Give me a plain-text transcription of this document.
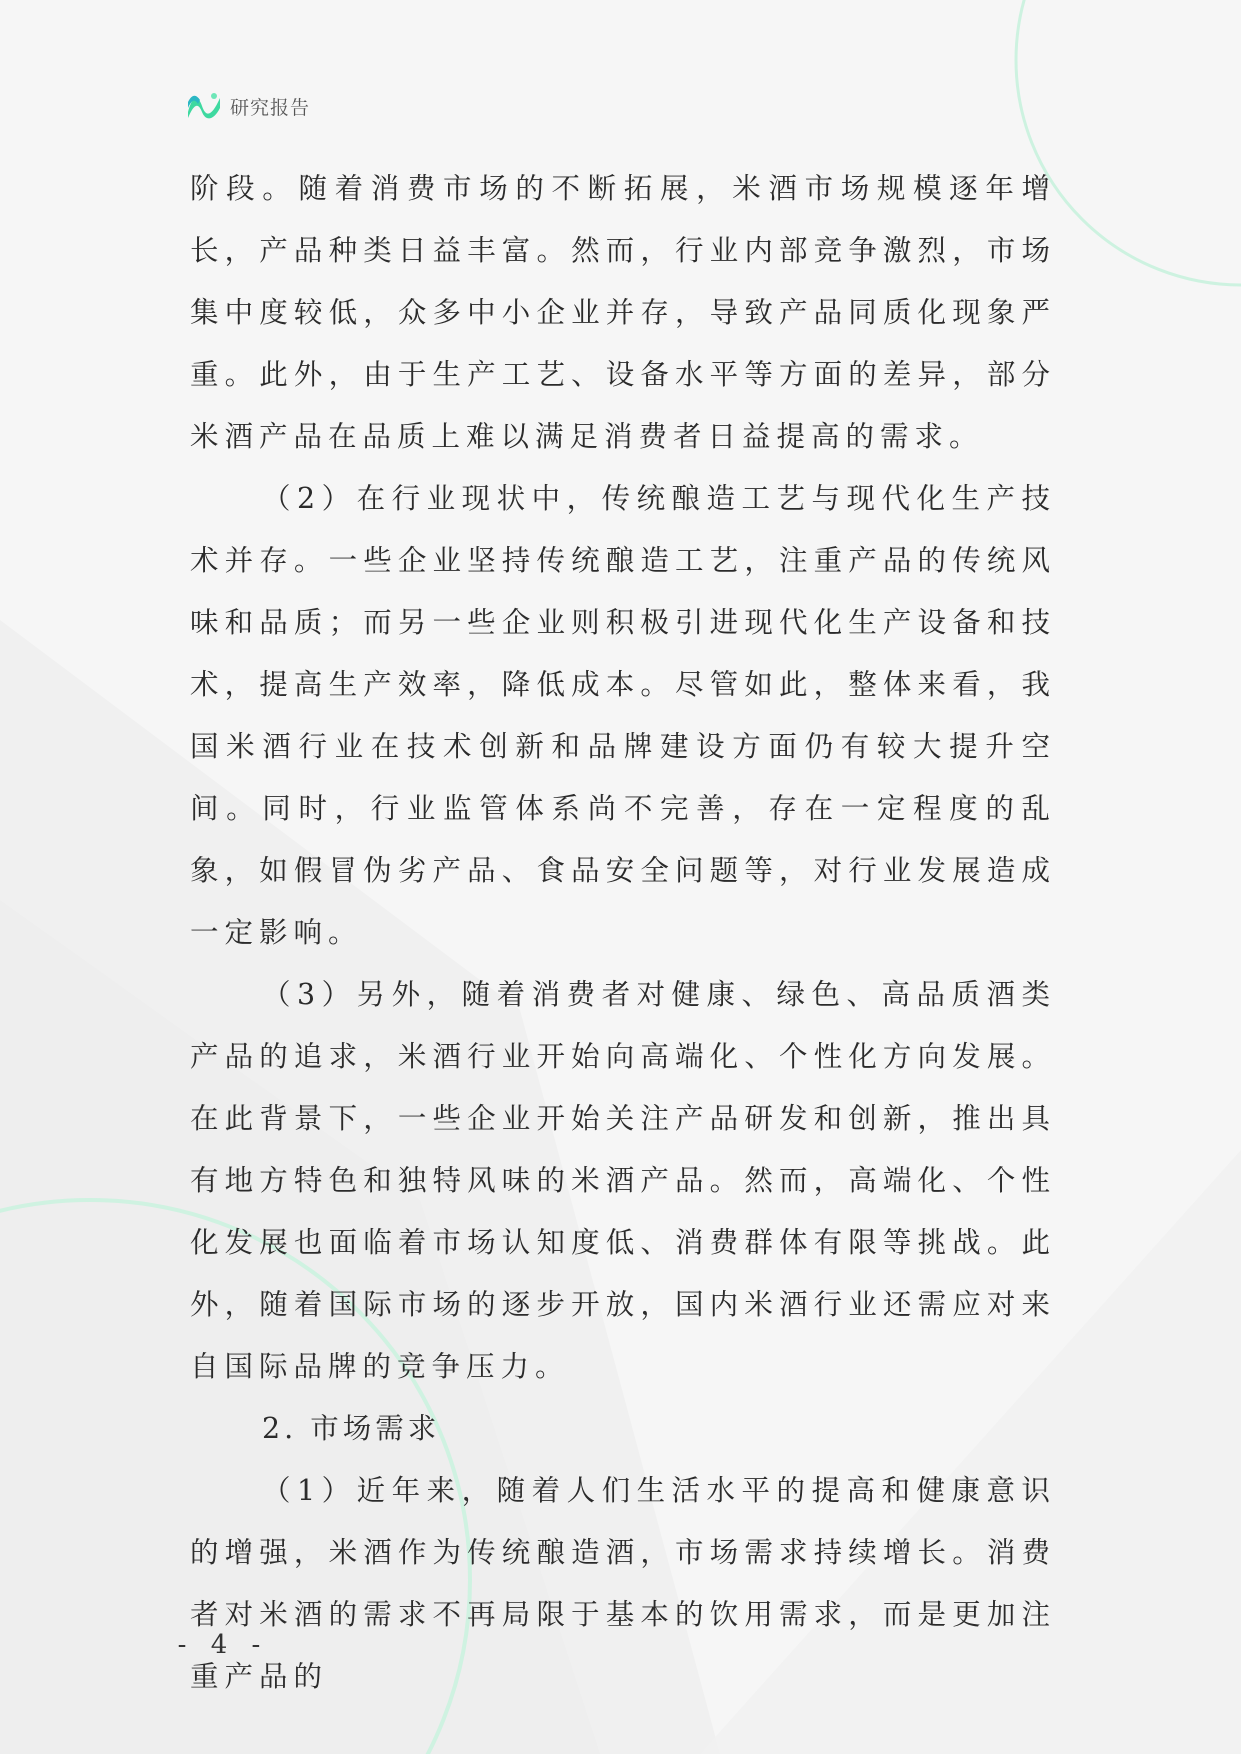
研究报告

阶段。随着消费市场的不断拓展，米酒市场规模逐年增长，产品种类日益丰富。然而，行业内部竞争激烈，市场集中度较低，众多中小企业并存，导致产品同质化现象严重。此外，由于生产工艺、设备水平等方面的差异，部分米酒产品在品质上难以满足消费者日益提高的需求。

（2）在行业现状中，传统酿造工艺与现代化生产技术并存。一些企业坚持传统酿造工艺，注重产品的传统风味和品质；而另一些企业则积极引进现代化生产设备和技术，提高生产效率，降低成本。尽管如此，整体来看，我国米酒行业在技术创新和品牌建设方面仍有较大提升空间。同时，行业监管体系尚不完善，存在一定程度的乱象，如假冒伪劣产品、食品安全问题等，对行业发展造成一定影响。

（3）另外，随着消费者对健康、绿色、高品质酒类产品的追求，米酒行业开始向高端化、个性化方向发展。在此背景下，一些企业开始关注产品研发和创新，推出具有地方特色和独特风味的米酒产品。然而，高端化、个性化发展也面临着市场认知度低、消费群体有限等挑战。此外，随着国际市场的逐步开放，国内米酒行业还需应对来自国际品牌的竞争压力。

2. 市场需求

（1）近年来，随着人们生活水平的提高和健康意识的增强，米酒作为传统酿造酒，市场需求持续增长。消费者对米酒的需求不再局限于基本的饮用需求，而是更加注重产品的

- 4 -
